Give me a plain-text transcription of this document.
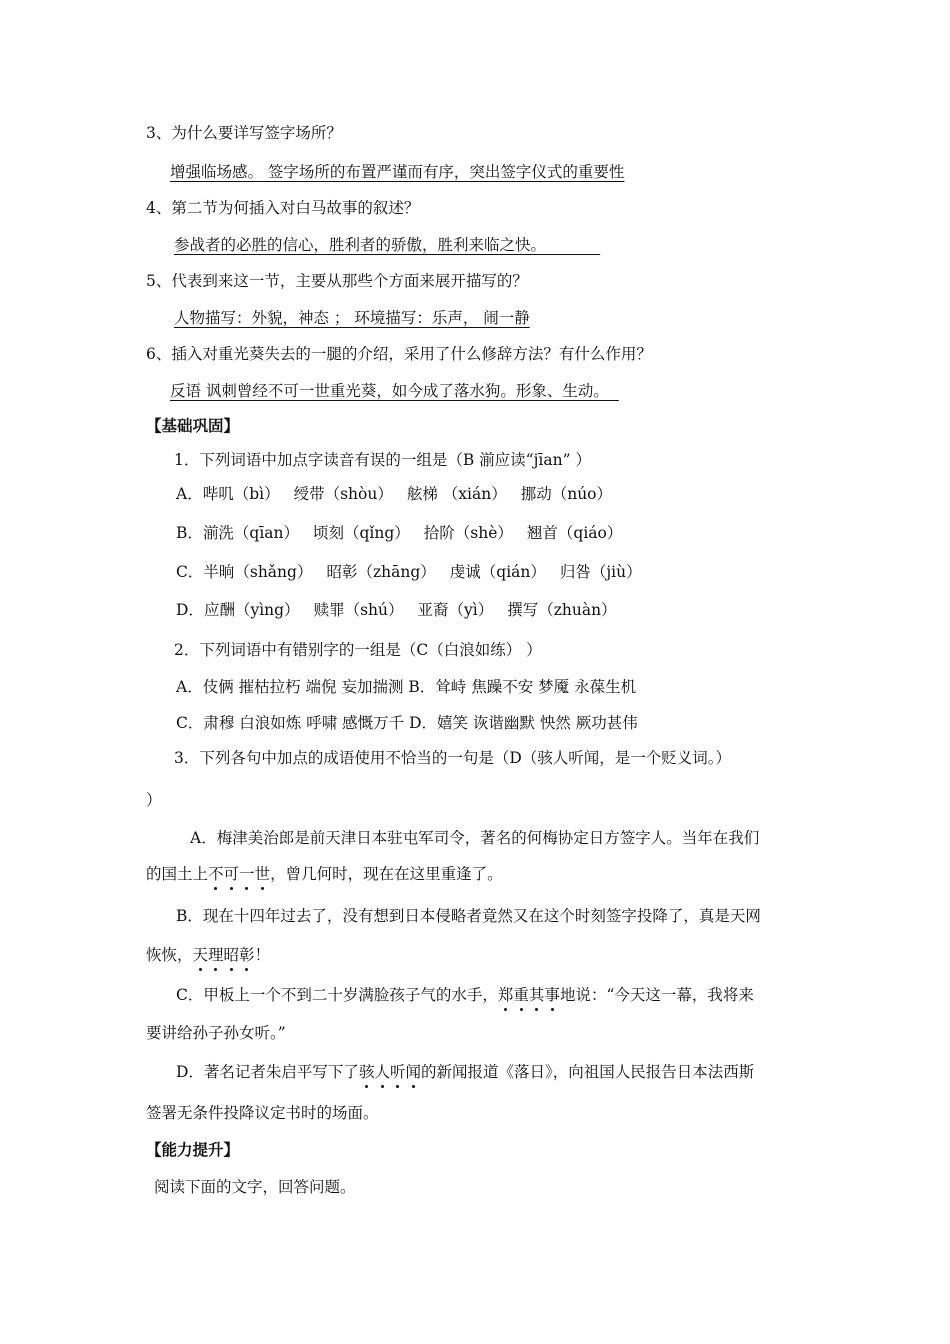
3、为什么要详写签字场所？
增强临场感。 签字场所的布置严谨而有序，突出签字仪式的重要性
4、第二节为何插入对白马故事的叙述？
参战者的必胜的信心，胜利者的骄傲，胜利来临之快。
5、代表到来这一节，主要从那些个方面来展开描写的？
人物描写：外貌，神态 ； 环境描写：乐声， 闹一静
6、插入对重光葵失去的一腿的介绍，采用了什么修辞方法？有什么作用？
反语 讽刺曾经不可一世重光葵，如今成了落水狗。形象、生动。
【基础巩固】
1．下列词语中加点字读音有误的一组是（B 湔应读“jīan” ）
A．哔叽（bì） 绶带（shòu） 舷梯 （xián） 挪动（núo）
B．湔洗（qīan） 顷刻（qǐng） 拾阶（shè） 翘首（qiáo）
C．半晌（shǎng） 昭彰（zhāng） 虔诚（qián） 归咎（jiù）
D．应酬（yìng） 赎罪（shú） 亚裔（yì） 撰写（zhuàn）
2．下列词语中有错别字的一组是（C（白浪如练） ）
A．伎俩 摧枯拉朽 端倪 妄加揣测 B．耸峙 焦躁不安 梦魇 永葆生机
C．肃穆 白浪如炼 呼啸 感慨万千 D．嬉笑 诙谐幽默 怏然 厥功甚伟
3．下列各句中加点的成语使用不恰当的一句是（D（骇人听闻，是一个贬义词。）
）
A．梅津美治郎是前天津日本驻屯军司令，著名的何梅协定日方签字人。当年在我们
的国土上不可一世，曾几何时，现在在这里重逢了。
B．现在十四年过去了，没有想到日本侵略者竟然又在这个时刻签字投降了，真是天网
恢恢，天理昭彰！
C．甲板上一个不到二十岁满脸孩子气的水手，郑重其事地说：“今天这一幕，我将来
要讲给孙子孙女听。”
D．著名记者朱启平写下了骇人听闻的新闻报道《落日》，向祖国人民报告日本法西斯
签署无条件投降议定书时的场面。
【能力提升】
阅读下面的文字，回答问题。
